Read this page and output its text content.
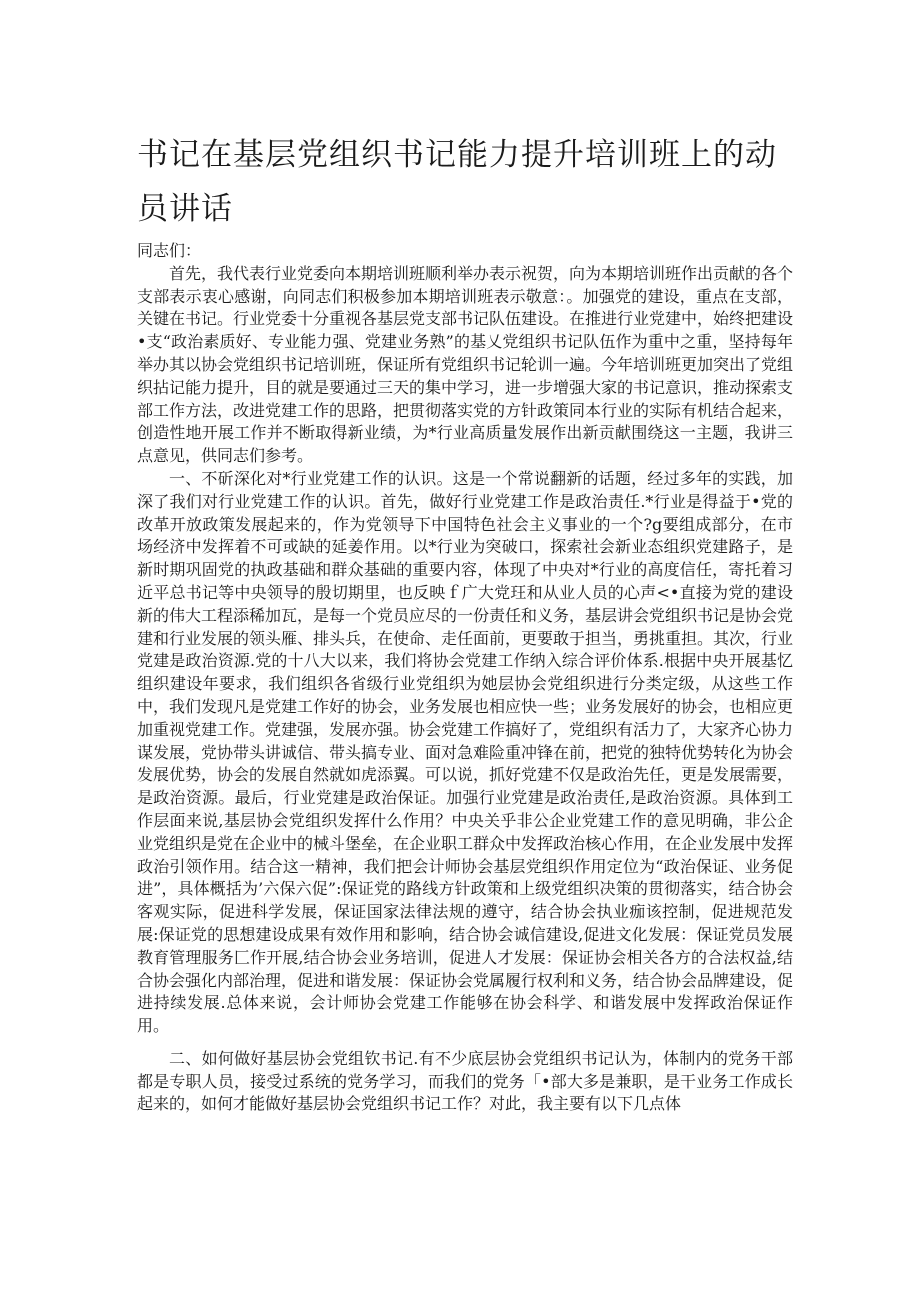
书记在基层党组织书记能力提升培训班上的动员讲话

同志们：

首先，我代表行业党委向本期培训班顺利举办表示祝贺，向为本期培训班作出贡献的各个支部表示衷心感谢，向同志们积极参加本期培训班表示敬意：。加强党的建设，重点在支部，关键在书记。行业党委十分重视各基层党支部书记队伍建设。在推进行业党建中，始终把建设•支“政治素质好、专业能力强、党建业务熟”的基乂党组织书记队伍作为重中之重，坚持每年举办其以协会党组织书记培训班，保证所有党组织书记轮训一遍。今年培训班更加突出了党组织拈记能力提升，目的就是要通过三天的集中学习，进一步增强大家的书记意识，推动探索支部工作方法，改进党建工作的思路，把贯彻落实党的方针政策同本行业的实际有机结合起来，创造性地开展工作并不断取得新业绩，为*行业高质量发展作出新贡献围绕这一主题，我讲三点意见，供同志们参考。

一、不斫深化对*行业党建工作的认识。这是一个常说翻新的话题，经过多年的实践，加深了我们对行业党建工作的认识。首先，做好行业党建工作是政治责任.*行业是得益于•党的改革开放政策发展起来的，作为党领导下中国特色社会主义事业的一个?g要组成部分，在市场经济中发挥着不可或缺的延姜作用。以*行业为突破口，探索社会新业态组织党建路子，是新时期巩固党的执政基础和群众基础的重要内容，体现了中央对*行业的高度信任，寄托着习近平总书记等中央领导的殷切期里，也反映ｆ广大党玨和从业人员的心声<•直接为党的建设新的伟大工程添稀加瓦，是每一个党员应尽的一份责任和义务，基层讲会党组织书记是协会党建和行业发展的领头雁、排头兵，在使命、走任面前，更要敢于担当，勇挑重担。其次，行业党建是政治资源.党的十八大以来，我们将协会党建工作纳入综合评价体系.根据中央开展基忆组织建设年要求，我们组织各省级行业党组织为她层协会党组织进行分类定级，从这些工作中，我们发现凡是党建工作好的协会，业务发展也相应快一些；业务发展好的协会，也相应更加重视党建工作。党建强，发展亦强。协会党建工作搞好了，党组织有活力了，大家齐心协力谋发展，党协带头讲诚信、带头搞专业、面对急难险重冲锋在前，把党的独特优势转化为协会发展优势，协会的发展自然就如虎添翼。可以说，抓好党建不仅是政治先任，更是发展需要，是政治资源。最后，行业党建是政治保证。加强行业党建是政治责任,是政治资源。具体到工作层面来说,基层协会党组织发挥什么作用？中央关乎非公企业党建工作的意见明确，非公企业党组织是党在企业中的械斗堡垒，在企业职工群众中发挥政治核心作用，在企业发展中发挥政治引领作用。结合这一精神，我们把会计师协会基层党组织作用定位为“政治保证、业务促进”，具体概括为’六保六促”:保证党的路线方针政策和上级党组织决策的贯彻落实，结合协会客观实际，促进科学发展，保证国家法律法规的遵守，结合协会执业痂该控制，促进规范发展:保证党的思想建设成果有效作用和影响，结合协会诚信建设,促进文化发展：保证党员发展教育管理服务匚作开展,结合协会业务培训，促进人才发展：保证协会相关各方的合法权益,结合协会强化内部治理，促进和谐发展：保证协会党属履行权利和义务，结合协会品牌建设，促进持续发展.总体来说，会计师协会党建工作能够在协会科学、和谐发展中发挥政治保证作用。

二、如何做好基层协会党组钦书记.有不少底层协会党组织书记认为，体制内的党务干部都是专职人员，接受过系统的党务学习，而我们的党务「•部大多是兼职，是干业务工作成长起来的，如何才能做好基层协会党组织书记工作？对此，我主要有以下几点体
